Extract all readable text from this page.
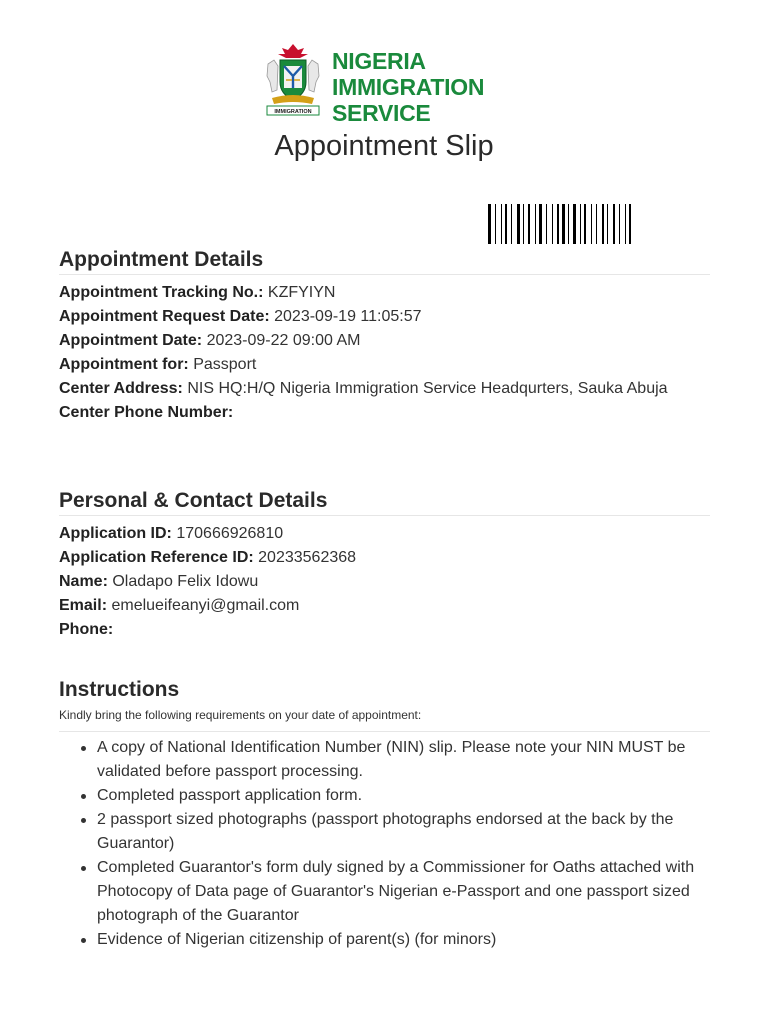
IMMIGRATION
NIGERIA
IMMIGRATION
SERVICE
Appointment Slip
Appointment Details
Appointment Tracking No.: KZFYIYN
Appointment Request Date: 2023-09-19 11:05:57
Appointment Date: 2023-09-22 09:00 AM
Appointment for: Passport
Center Address: NIS HQ:H/Q Nigeria Immigration Service Headqurters, Sauka Abuja
Center Phone Number:
Personal & Contact Details
Application ID: 170666926810
Application Reference ID: 20233562368
Name: Oladapo Felix Idowu
Email: emelueifeanyi@gmail.com
Phone:
Instructions
Kindly bring the following requirements on your date of appointment:
A copy of National Identification Number (NIN) slip. Please note your NIN MUST be validated before passport processing.
Completed passport application form.
2 passport sized photographs (passport photographs endorsed at the back by the Guarantor)
Completed Guarantor's form duly signed by a Commissioner for Oaths attached with Photocopy of Data page of Guarantor's Nigerian e-Passport and one passport sized photograph of the Guarantor
Evidence of Nigerian citizenship of parent(s) (for minors)
